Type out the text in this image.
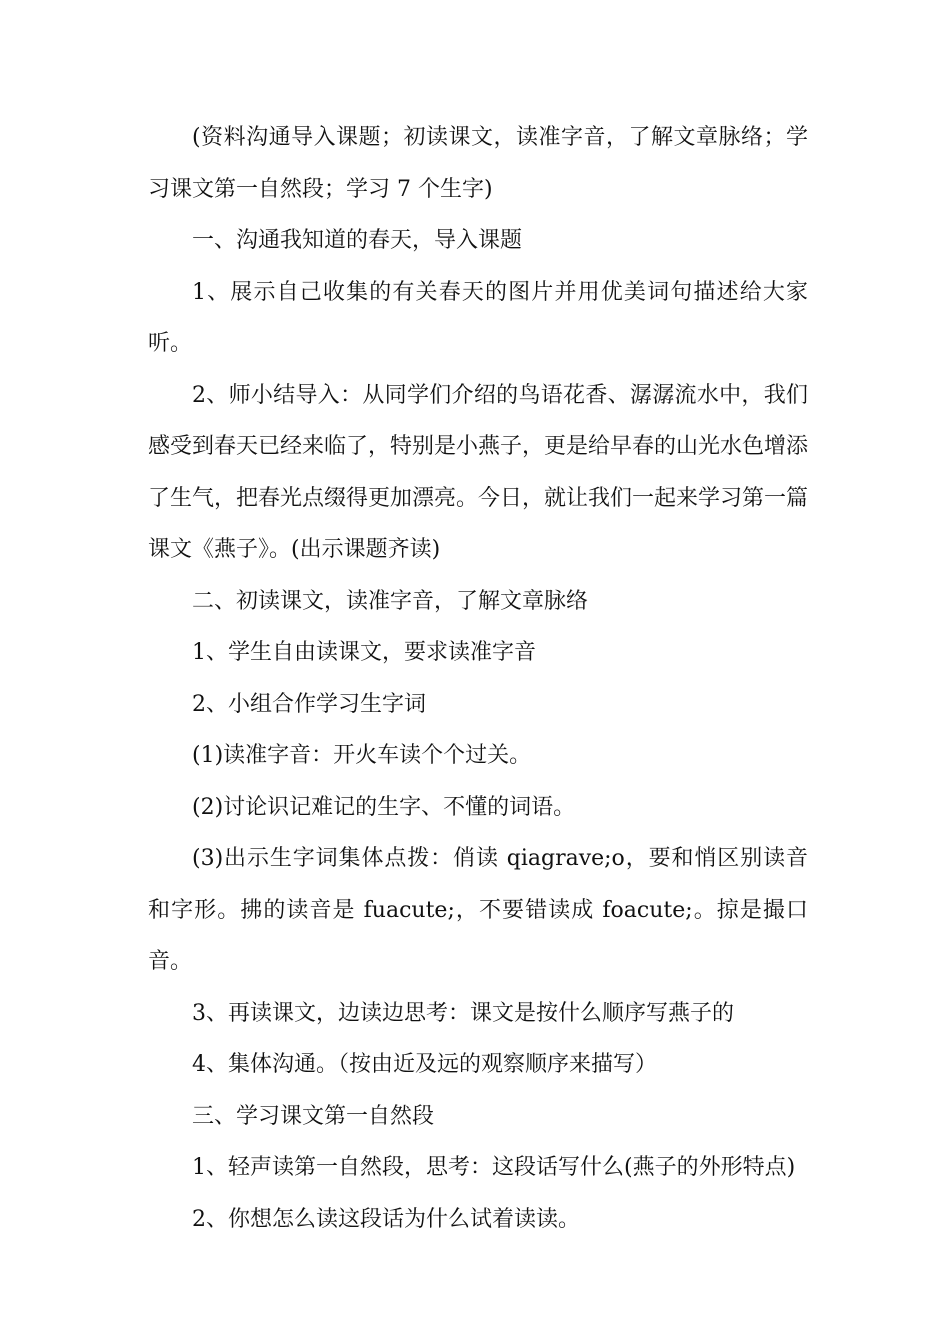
(资料沟通导入课题；初读课文，读准字音，了解文章脉络；学习课文第一自然段；学习 7 个生字)

一、沟通我知道的春天，导入课题

1、展示自己收集的有关春天的图片并用优美词句描述给大家听。

2、师小结导入：从同学们介绍的鸟语花香、潺潺流水中，我们感受到春天已经来临了，特别是小燕子，更是给早春的山光水色增添了生气，把春光点缀得更加漂亮。今日，就让我们一起来学习第一篇课文《燕子》。(出示课题齐读)

二、初读课文，读准字音，了解文章脉络

1、学生自由读课文，要求读准字音

2、小组合作学习生字词

(1)读准字音：开火车读个个过关。

(2)讨论识记难记的生字、不懂的词语。

(3)出示生字词集体点拨：俏读 qiagrave;o，要和悄区别读音和字形。拂的读音是 fuacute;，不要错读成 foacute;。掠是撮口音。

3、再读课文，边读边思考：课文是按什么顺序写燕子的

4、集体沟通。（按由近及远的观察顺序来描写）

三、学习课文第一自然段

1、轻声读第一自然段，思考：这段话写什么(燕子的外形特点)

2、你想怎么读这段话为什么试着读读。
